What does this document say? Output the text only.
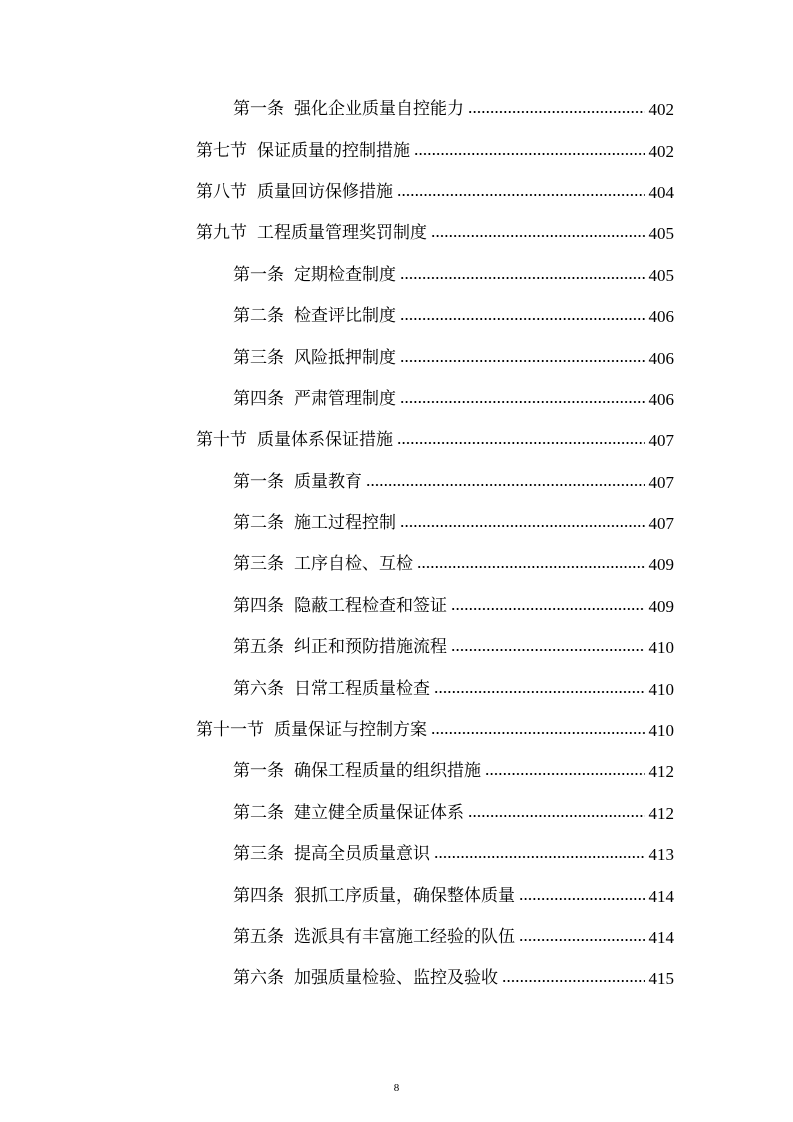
第一条 强化企业质量自控能力	402
第七节 保证质量的控制措施	402
第八节 质量回访保修措施	404
第九节 工程质量管理奖罚制度	405
第一条 定期检查制度	405
第二条 检查评比制度	406
第三条 风险抵押制度	406
第四条 严肃管理制度	406
第十节 质量体系保证措施	407
第一条 质量教育	407
第二条 施工过程控制	407
第三条 工序自检、互检	409
第四条 隐蔽工程检查和签证	409
第五条 纠正和预防措施流程	410
第六条 日常工程质量检查	410
第十一节 质量保证与控制方案	410
第一条 确保工程质量的组织措施	412
第二条 建立健全质量保证体系	412
第三条 提高全员质量意识	413
第四条 狠抓工序质量，确保整体质量	414
第五条 选派具有丰富施工经验的队伍	414
第六条 加强质量检验、监控及验收	415
8
